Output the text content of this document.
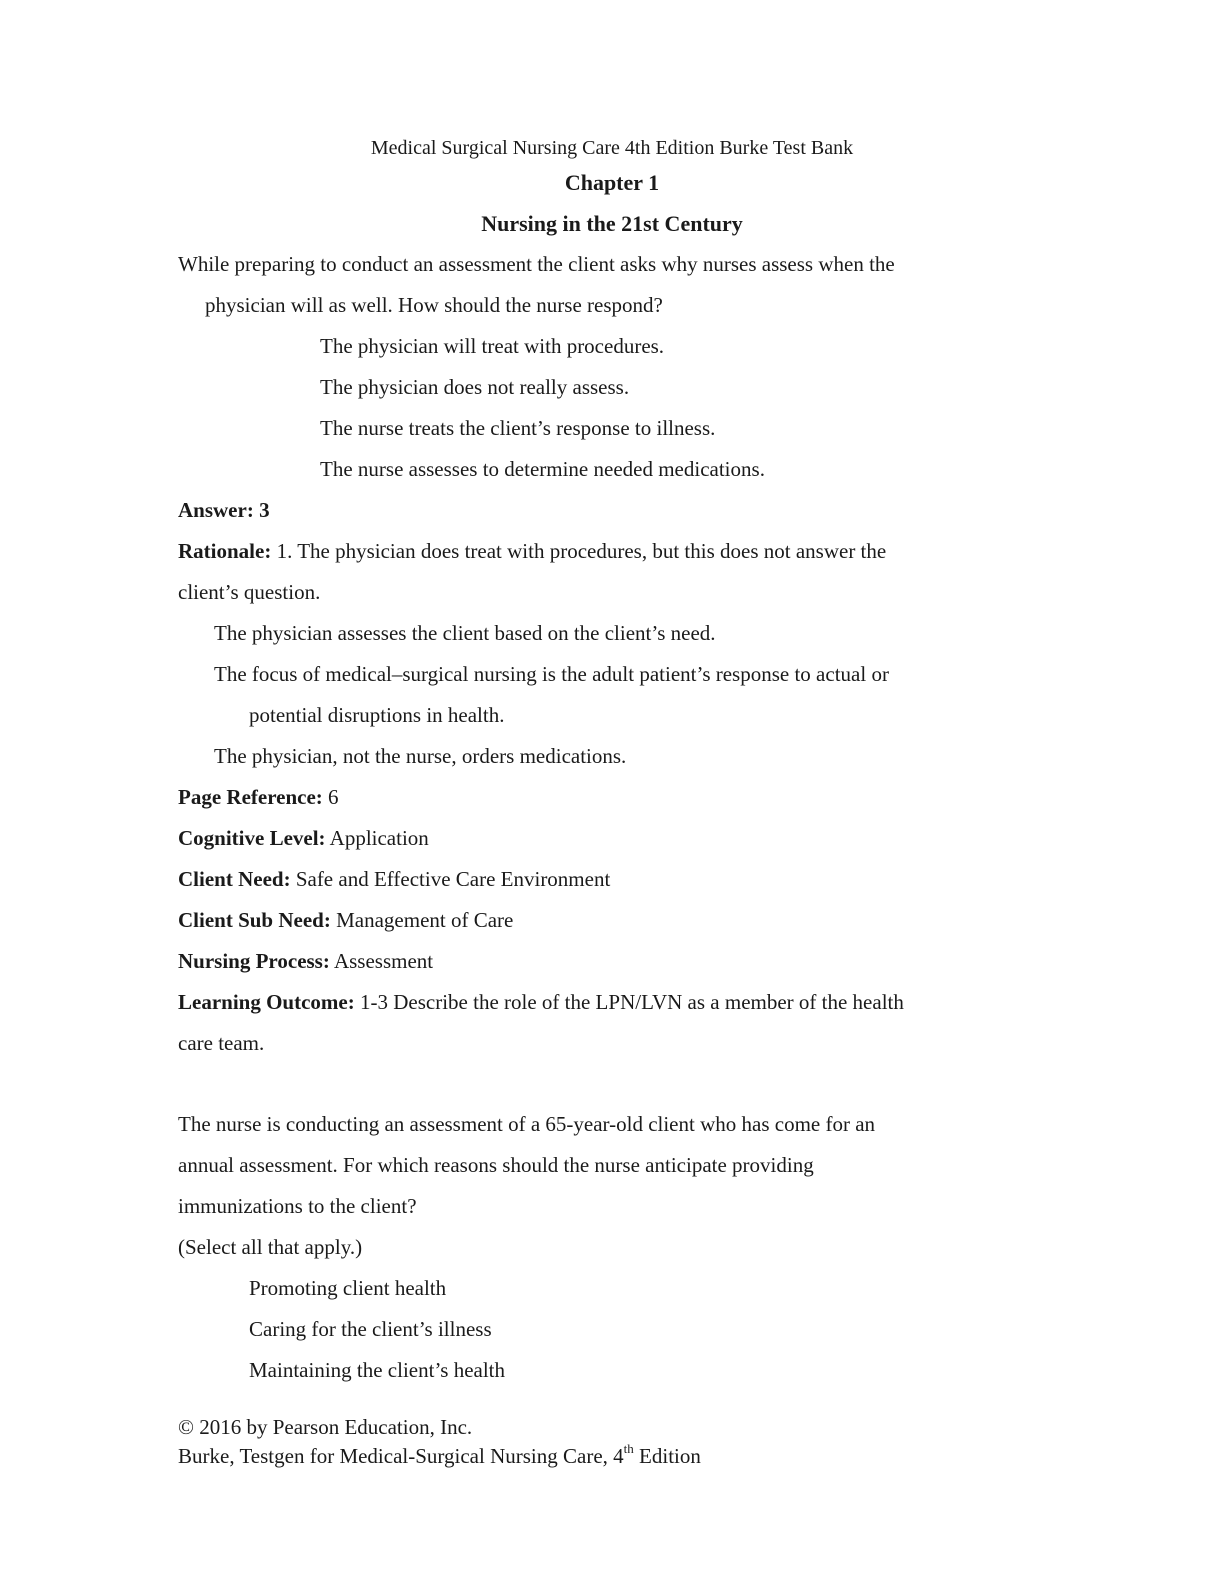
Medical Surgical Nursing Care 4th Edition Burke Test Bank
Chapter 1
Nursing in the 21st Century
While preparing to conduct an assessment the client asks why nurses assess when the
physician will as well. How should the nurse respond?
The physician will treat with procedures.
The physician does not really assess.
The nurse treats the client’s response to illness.
The nurse assesses to determine needed medications.
Answer: 3
Rationale: 1. The physician does treat with procedures, but this does not answer the
client’s question.
The physician assesses the client based on the client’s need.
The focus of medical–surgical nursing is the adult patient’s response to actual or
potential disruptions in health.
The physician, not the nurse, orders medications.
Page Reference: 6
Cognitive Level: Application
Client Need: Safe and Effective Care Environment
Client Sub Need: Management of Care
Nursing Process: Assessment
Learning Outcome: 1-3 Describe the role of the LPN/LVN as a member of the health
care team.
The nurse is conducting an assessment of a 65-year-old client who has come for an
annual assessment. For which reasons should the nurse anticipate providing
immunizations to the client?
(Select all that apply.)
Promoting client health
Caring for the client’s illness
Maintaining the client’s health
© 2016 by Pearson Education, Inc.
Burke, Testgen for Medical-Surgical Nursing Care, 4th Edition
